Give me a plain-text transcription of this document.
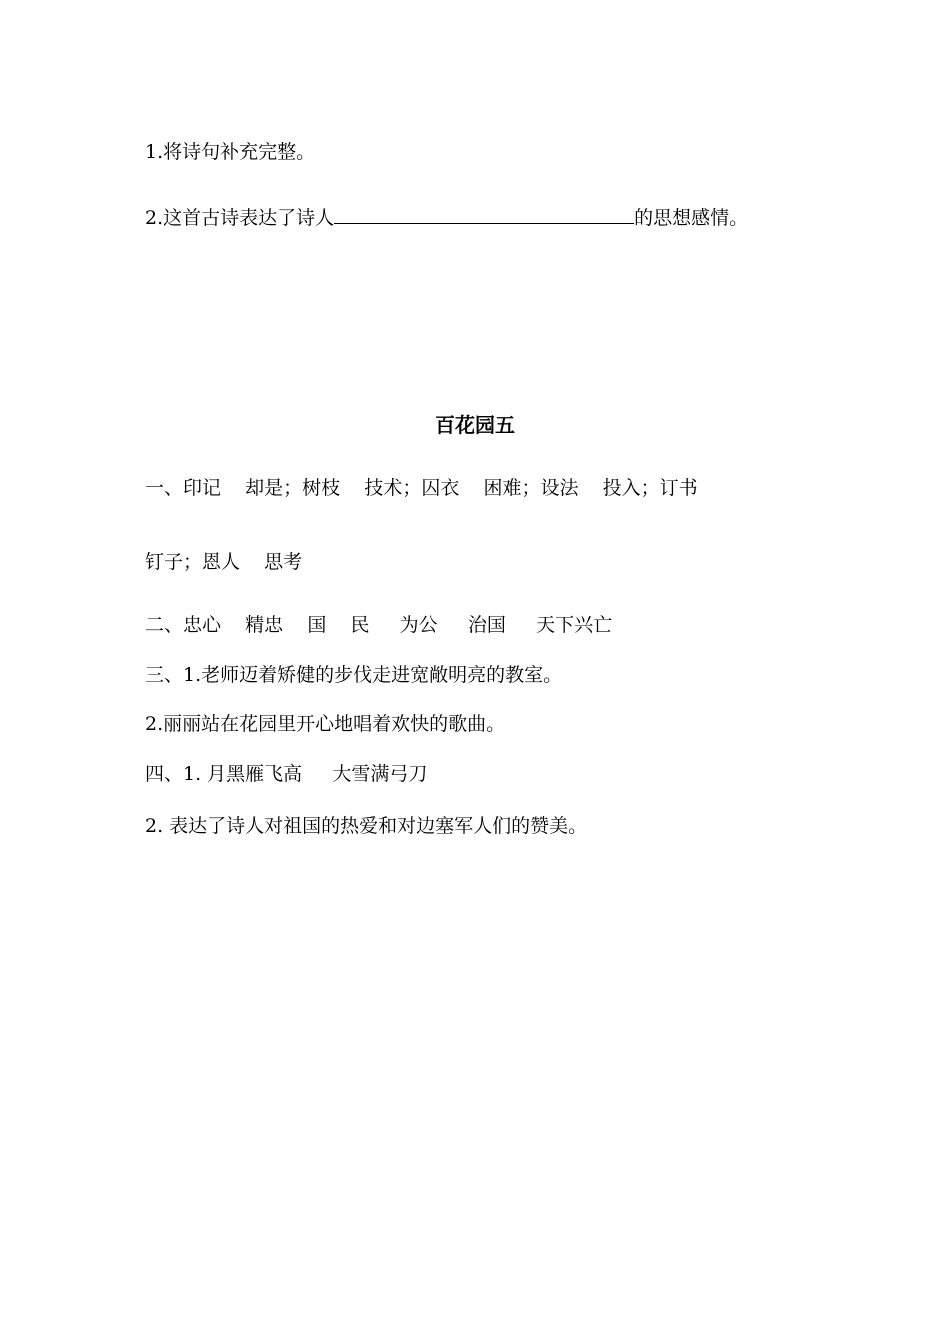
1.将诗句补充完整。
2.这首古诗表达了诗人	的思想感情。
百花园五
一、印记    却是；树枝    技术；囚衣    困难；设法    投入；订书
钉子；恩人    思考
二、忠心    精忠    国    民     为公     治国     天下兴亡
三、1.老师迈着矫健的步伐走进宽敞明亮的教室。
2.丽丽站在花园里开心地唱着欢快的歌曲。
四、1. 月黑雁飞高     大雪满弓刀
2. 表达了诗人对祖国的热爱和对边塞军人们的赞美。
